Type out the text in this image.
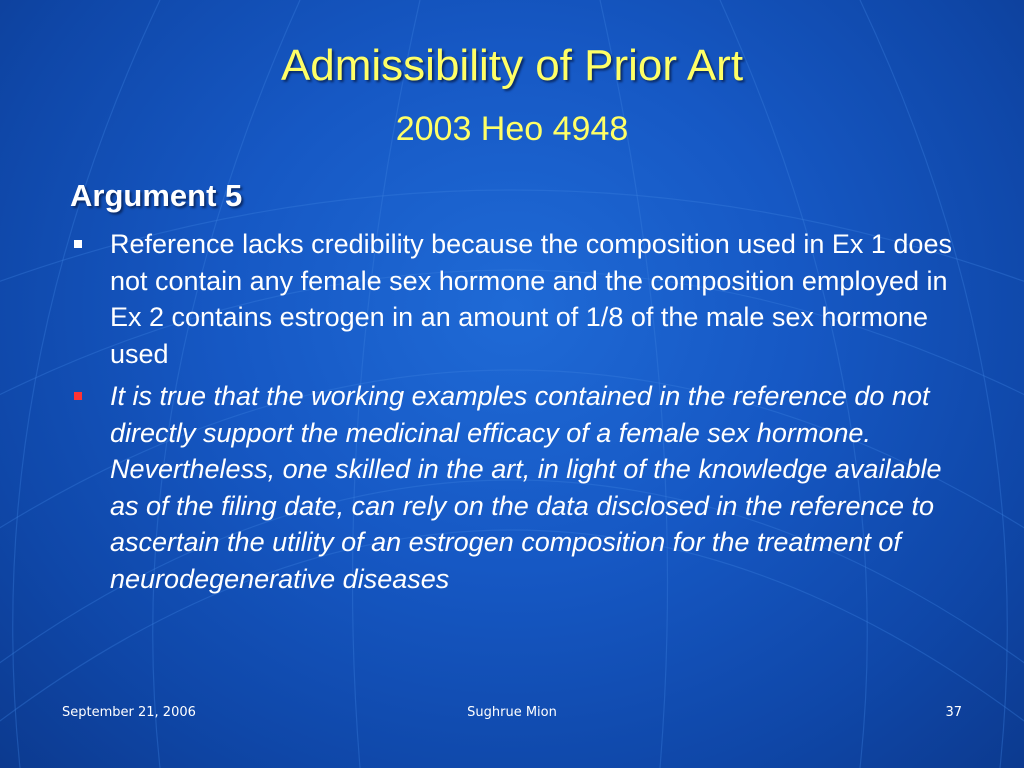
Admissibility of Prior Art
2003 Heo 4948
Argument 5
Reference lacks credibility because the composition used in Ex 1 does not contain any female sex hormone and the composition employed in Ex 2 contains estrogen in an amount of 1/8 of the male sex hormone used
It is true that the working examples contained in the reference do not directly support the medicinal efficacy of a female sex hormone. Nevertheless, one skilled in the art, in light of the knowledge available as of the filing date, can rely on the data disclosed in the reference to ascertain the utility of an estrogen composition for the treatment of neurodegenerative diseases
September 21, 2006	Sughrue Mion	37
